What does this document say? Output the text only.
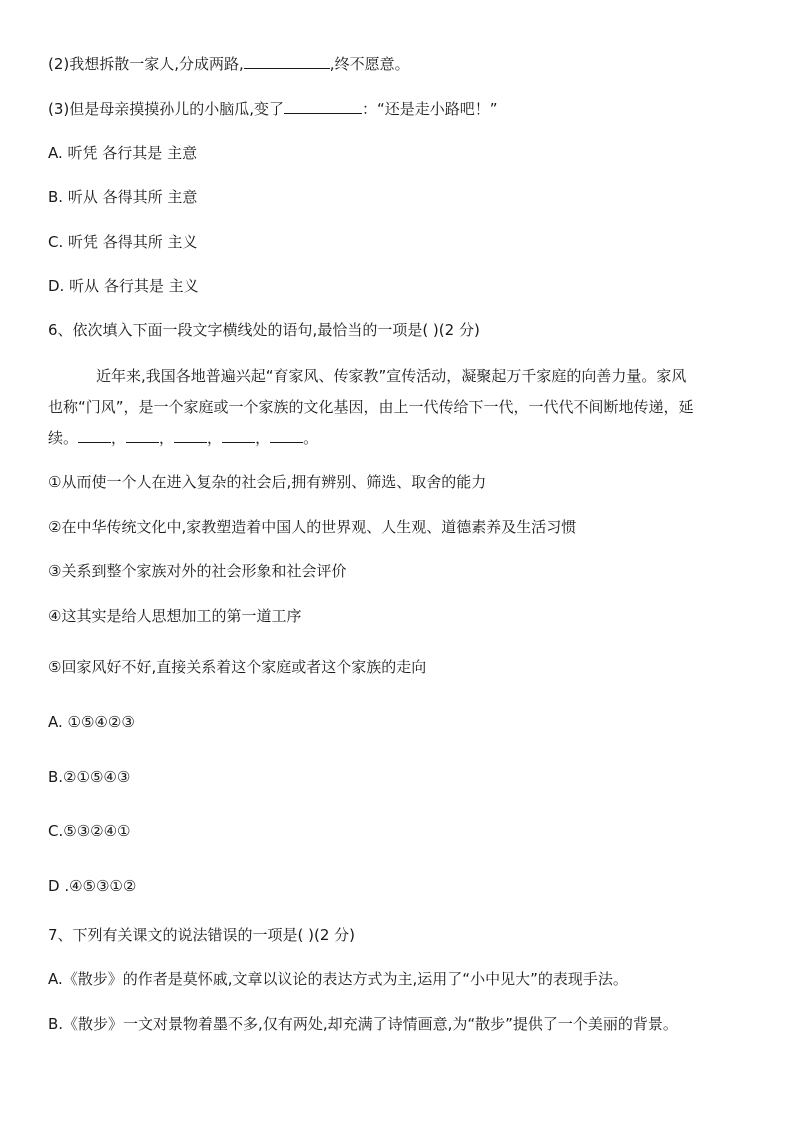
(2)我想拆散一家人,分成两路,	,终不愿意。
(3)但是母亲摸摸孙儿的小脑瓜,变了	：“还是走小路吧！”
A. 听凭 各行其是 主意
B. 听从 各得其所 主意
C. 听凭 各得其所 主义
D. 听从 各行其是 主义
6、依次填入下面一段文字横线处的语句,最恰当的一项是( )(2 分)
近年来,我国各地普遍兴起“育家风、传家教”宣传活动，凝聚起万千家庭的向善力量。家风
也称“门风”，是一个家庭或一个家族的文化基因，由上一代传给下一代，一代代不间断地传递，延
续。 ， ， ， ， 。
①从而使一个人在进入复杂的社会后,拥有辨别、筛选、取舍的能力
②在中华传统文化中,家教塑造着中国人的世界观、人生观、道德素养及生活习惯
③关系到整个家族对外的社会形象和社会评价
④这其实是给人思想加工的第一道工序
⑤回家风好不好,直接关系着这个家庭或者这个家族的走向
A. ①⑤④②③
B.②①⑤④③
C.⑤③②④①
D .④⑤③①②
7、下列有关课文的说法错误的一项是( )(2 分)
A.《散步》的作者是莫怀戚,文章以议论的表达方式为主,运用了“小中见大”的表现手法。
B.《散步》一文对景物着墨不多,仅有两处,却充满了诗情画意,为“散步”提供了一个美丽的背景。
